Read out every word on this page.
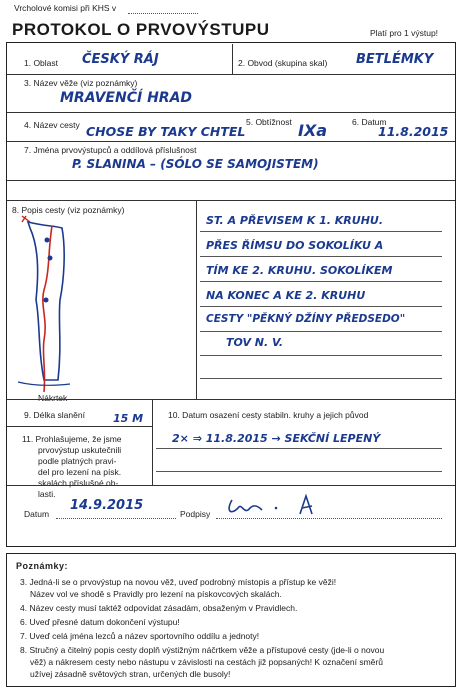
Vrcholové komisi při KHS v
PROTOKOL O PRVOVÝSTUPU	Platí pro 1 výstup!
1. Oblast ČESKÝ RÁJ	2. Obvod (skupina skal) BETLÉMKY
3. Název věže (viz poznámky)
MRAVENČÍ HRAD
4. Název cesty CHOSE BY TAKY CHTEL
5. Obtížnost IXa	6. Datum
11.8.2015
7. Jména prvovýstupců a oddílová příslušnost
P. SLANINA – (SÓLO SE SAMOJISTEM)
8. Popis cesty (viz poznámky)
ST. A PŘEVISEM K 1. KRUHU.
PŘES ŘÍMSU DO SOKOLÍKU A
TÍM KE 2. KRUHU. SOKOLÍKEM
NA KONEC A KE 2. KRUHU
CESTY "PĚKNÝ DŽÍNY PŘEDSEDO"
TOV N. V.
Nákrtek
9. Délka slanění	15 M	10. Datum osazení cesty stabiln. kruhy a jejich původ
2× ⇒ 11.8.2015 → SEKČNÍ LEPENÝ
11. Prohlašujeme, že jsme
prvovýstup uskutečnili
podle platných pravi-
del pro lezení na písk.
skalách příslušné ob-
lasti.
Datum
14.9.2015
Podpisy
Poznámky:
3. Jedná-li se o prvovýstup na novou věž, uveď podrobný místopis a přístup ke věži!
Název vol ve shodě s Pravidly pro lezení na pískovcových skalách.
4. Název cesty musí taktéž odpovídat zásadám, obsaženým v Pravidlech.
6. Uveď přesné datum dokončení výstupu!
7. Uveď celá jména lezců a název sportovního oddílu a jednoty!
8. Stručný a čitelný popis cesty doplň výstižným náčrtkem věže a přístupové cesty (jde-li o novou
věž) a nákresem cesty nebo nástupu v závislosti na cestách již popsaných! K označení směrů
užívej zásadně světových stran, určených dle busoly!
